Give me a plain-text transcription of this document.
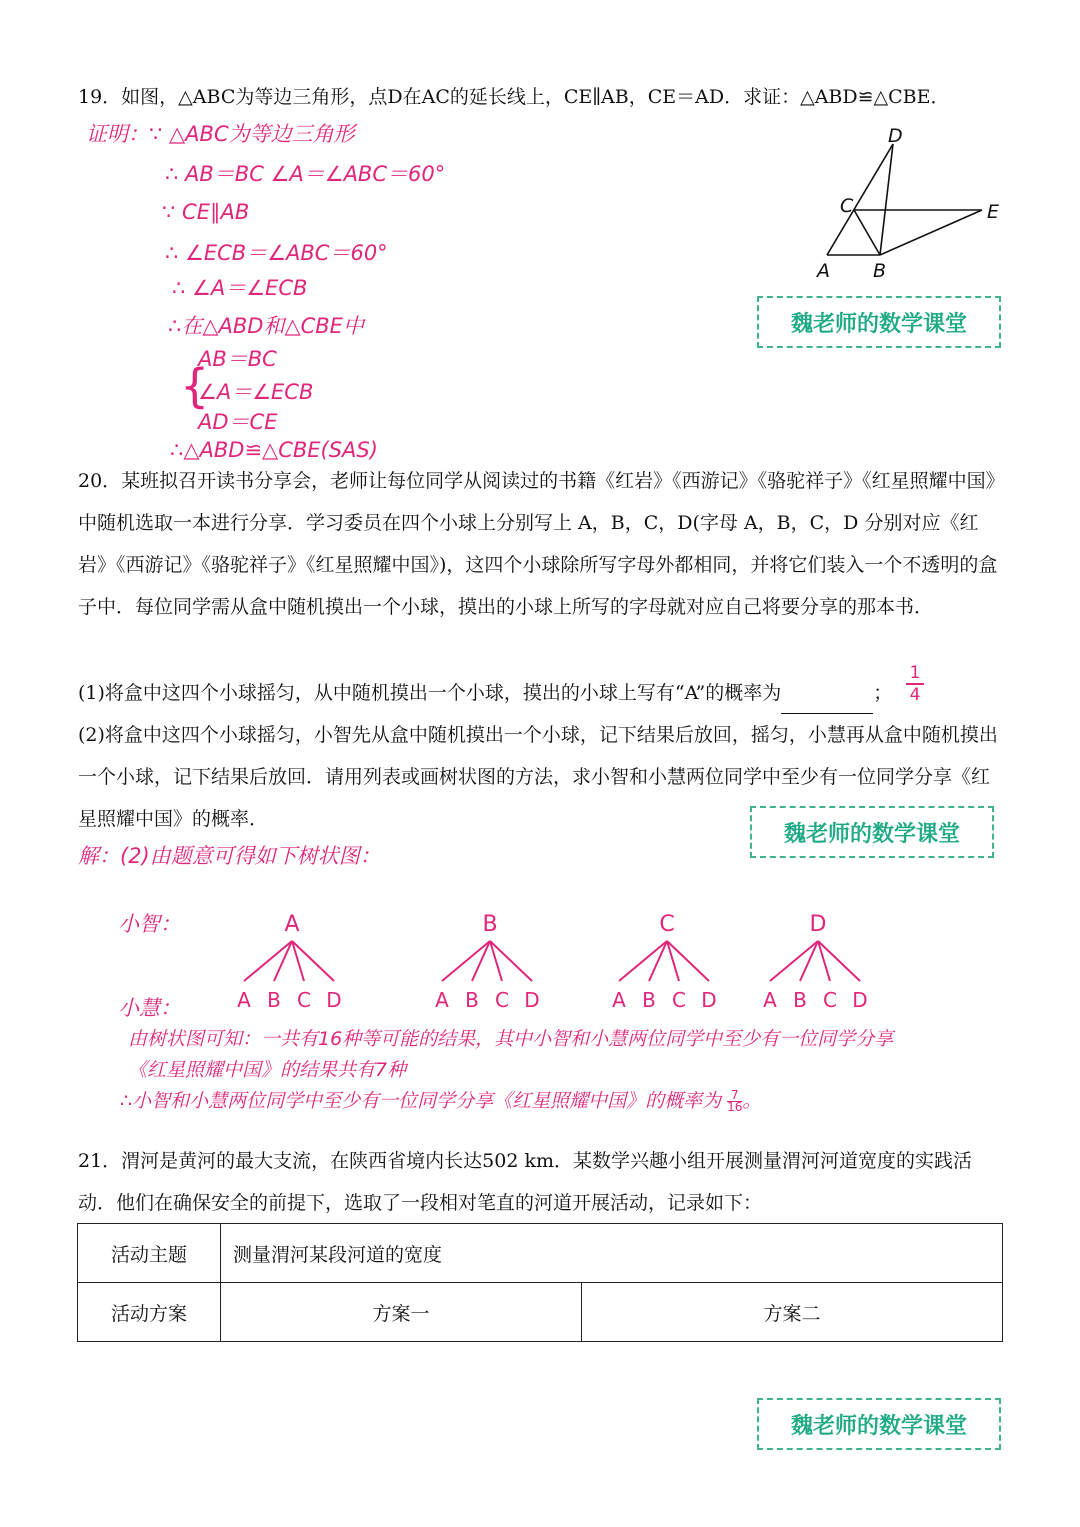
19．如图，△ABC为等边三角形，点D在AC的延长线上，CE∥AB，CE＝AD．求证：△ABD≌△CBE．
证明：∵ △ABC为等边三角形
∴ AB＝BC ∠A＝∠ABC＝60°
∵ CE∥AB
∴ ∠ECB＝∠ABC＝60°
∴ ∠A＝∠ECB
∴在△ABD和△CBE中
{
AB＝BC
∠A＝∠ECB
AD＝CE
∴△ABD≌△CBE(SAS)
D
C	E
A B
魏老师的数学课堂
魏老师的数学课堂
魏老师的数学课堂
20．某班拟召开读书分享会，老师让每位同学从阅读过的书籍《红岩》《西游记》《骆驼祥子》《红星照耀中国》中随机选取一本进行分享．学习委员在四个小球上分别写上 A，B，C，D(字母 A，B，C，D 分别对应《红岩》《西游记》《骆驼祥子》《红星照耀中国》)，这四个小球除所写字母外都相同，并将它们装入一个不透明的盒子中．每位同学需从盒中随机摸出一个小球，摸出的小球上所写的字母就对应自己将要分享的那本书．
(1)将盒中这四个小球摇匀，从中随机摸出一个小球，摸出的小球上写有“A”的概率为	；
1
4
(2)将盒中这四个小球摇匀，小智先从盒中随机摸出一个小球，记下结果后放回，摇匀，小慧再从盒中随机摸出一个小球，记下结果后放回．请用列表或画树状图的方法，求小智和小慧两位同学中至少有一位同学分享《红星照耀中国》的概率．
解：(2)由题意可得如下树状图：
小智：
小慧：
A
A B C D
B
A B C D
C
A B C D
D
A B C D
由树状图可知：一共有16种等可能的结果，其中小智和小慧两位同学中至少有一位同学分享
《红星照耀中国》的结果共有7种
∴小智和小慧两位同学中至少有一位同学分享《红星照耀中国》的概率为 $\frac{7}{16}$ 。
21．渭河是黄河的最大支流，在陕西省境内长达502 km．某数学兴趣小组开展测量渭河河道宽度的实践活动．他们在确保安全的前提下，选取了一段相对笔直的河道开展活动，记录如下：
活动主题	测量渭河某段河道的宽度	
活动方案	方案一	方案二
